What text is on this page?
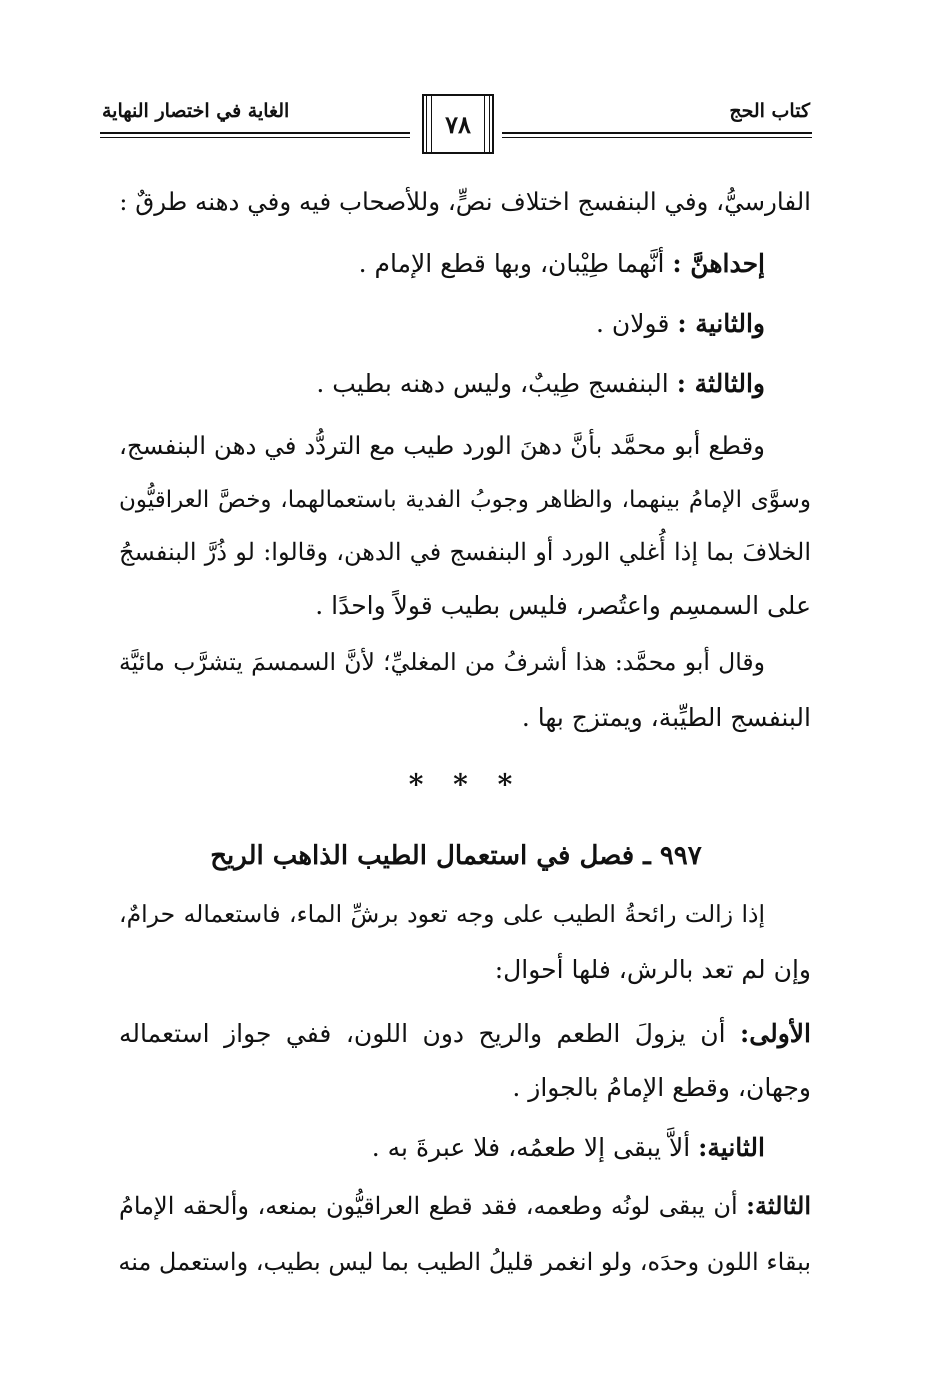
كتاب الحج
الغاية في اختصار النهاية	٧٨
الفارسيُّ، وفي البنفسج اختلاف نصٍّ، وللأصحاب فيه وفي دهنه طرقٌ :
إحداهنَّ : أنَّهما طِيْبان، وبها قطع الإمام .
والثانية : قولان .
والثالثة : البنفسج طِيبٌ، وليس دهنه بطيب .
وقطع أبو محمَّد بأنَّ دهنَ الورد طيب مع التردُّد في دهن البنفسج،
وسوَّى الإمامُ بينهما، والظاهر وجوبُ الفدية باستعمالهما، وخصَّ العراقيُّون
الخلافَ بما إذا أُغلي الورد أو البنفسج في الدهن، وقالوا: لو ذُرَّ البنفسجُ
على السمسِم واعتُصر، فليس بطيب قولاً واحدًا .
وقال أبو محمَّد: هذا أشرفُ من المغليِّ؛ لأنَّ السمسمَ يتشرَّب مائيَّة
البنفسج الطيِّبة، ويمتزج بها .
* * *
٩٩٧ ـ فصل في استعمال الطيب الذاهب الريح
إذا زالت رائحةُ الطيب على وجه تعود برشِّ الماء، فاستعماله حرامٌ،
وإن لم تعد بالرش، فلها أحوال:
الأولى: أن يزولَ الطعم والريح دون اللون، ففي جواز استعماله
وجهان، وقطع الإمامُ بالجواز .
الثانية: ألاَّ يبقى إلا طعمُه، فلا عبرةَ به .
الثالثة: أن يبقى لونُه وطعمه، فقد قطع العراقيُّون بمنعه، وألحقه الإمامُ
ببقاء اللون وحدَه، ولو انغمر قليلُ الطيب بما ليس بطيب، واستعمل منه
